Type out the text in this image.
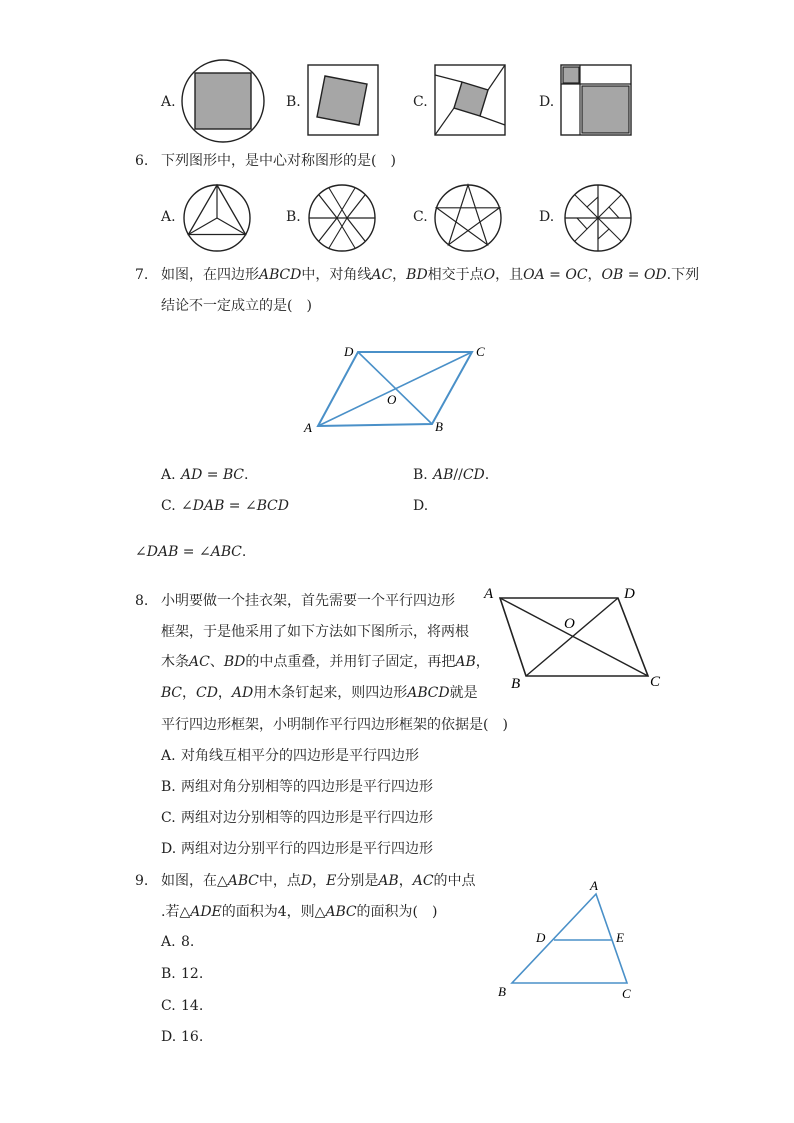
A.	B.	C.	D.
6. 下列图形中，是中心对称图形的是(　)
A.	B.	C.	D.
7. 如图，在四边形𝐴𝐵𝐶𝐷中，对角线𝐴𝐶，𝐵𝐷相交于点𝑂，且𝑂𝐴 = 𝑂𝐶，𝑂𝐵 = 𝑂𝐷.下列
结论不一定成立的是(　)
A	B
C
D
O
A. 𝐴𝐷 = 𝐵𝐶.	B. 𝐴𝐵//𝐶𝐷.
C. ∠𝐷𝐴𝐵 = ∠𝐵𝐶𝐷	D.
∠𝐷𝐴𝐵 = ∠𝐴𝐵𝐶.
8. 小明要做一个挂衣架，首先需要一个平行四边形
框架，于是他采用了如下方法如下图所示，将两根
木条𝐴𝐶、𝐵𝐷的中点重叠，并用钉子固定，再把𝐴𝐵，
𝐵𝐶，𝐶𝐷，𝐴𝐷用木条钉起来，则四边形𝐴𝐵𝐶𝐷就是
平行四边形框架，小明制作平行四边形框架的依据是(　)
A	D
O
B	C
A. 对角线互相平分的四边形是平行四边形
B. 两组对角分别相等的四边形是平行四边形
C. 两组对边分别相等的四边形是平行四边形
D. 两组对边分别平行的四边形是平行四边形
9. 如图，在△𝐴𝐵𝐶中，点𝐷，𝐸分别是𝐴𝐵，𝐴𝐶的中点
.若△𝐴𝐷𝐸的面积为4，则△𝐴𝐵𝐶的面积为(　)
A
D	E
B	C
A. 8.
B. 12.
C. 14.
D. 16.
